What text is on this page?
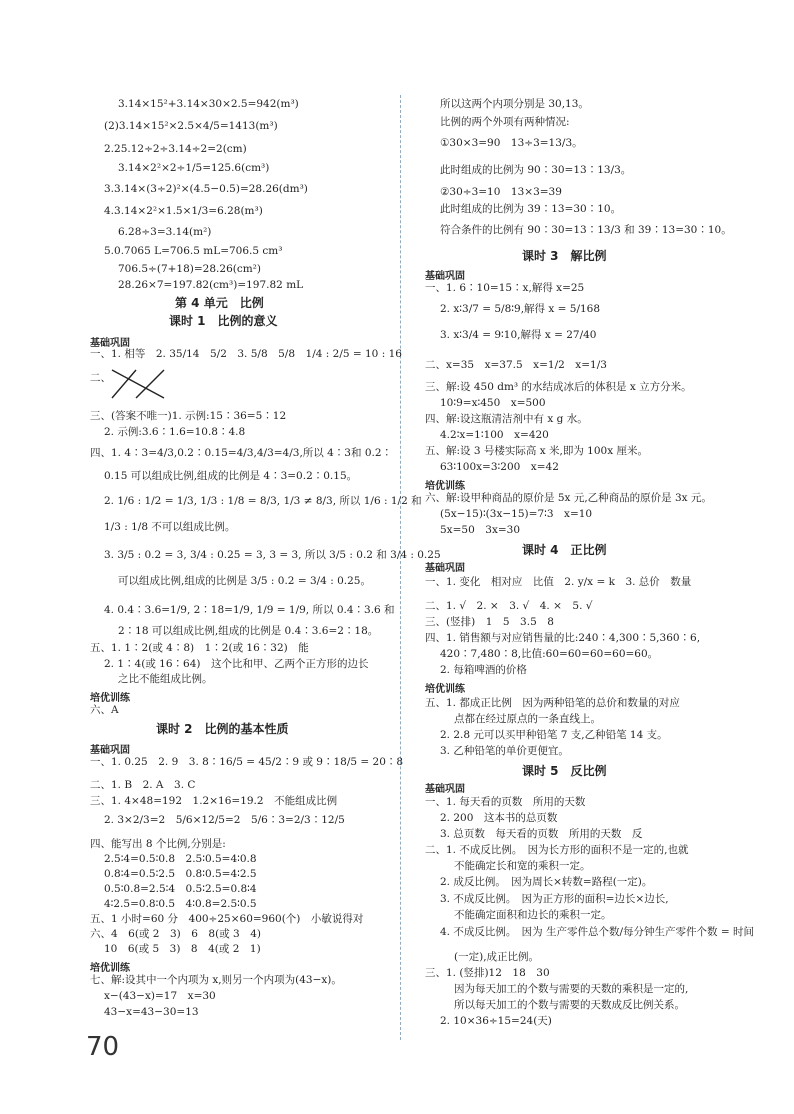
3.14×15²+3.14×30×2.5=942(m³)
(2)3.14×15²×2.5×4/5=1413(m³)
2.25.12÷2÷3.14÷2=2(cm)
3.14×2²×2÷1/5=125.6(cm³)
3.3.14×(3÷2)²×(4.5−0.5)=28.26(dm³)
4.3.14×2²×1.5×1/3=6.28(m³)
6.28÷3=3.14(m²)
5.0.7065 L=706.5 mL=706.5 cm³
706.5÷(7+18)=28.26(cm²)
28.26×7=197.82(cm³)=197.82 mL
第 4 单元　比例
课时 1　比例的意义
基础巩固
一、1. 相等　2. 35/14　5/2　3. 5/8　5/8　1/4 : 2/5 = 10 : 16
二、
三、(答案不唯一)1. 示例:15∶36=5∶12
2. 示例:3.6∶1.6=10.8∶4.8
四、1. 4∶3=4/3,0.2∶0.15=4/3,4/3=4/3,所以 4∶3和 0.2∶
0.15 可以组成比例,组成的比例是 4∶3=0.2∶0.15。
2. 1/6 : 1/2 = 1/3, 1/3 : 1/8 = 8/3, 1/3 ≠ 8/3, 所以 1/6 : 1/2 和
1/3 : 1/8 不可以组成比例。
3. 3/5 : 0.2 = 3, 3/4 : 0.25 = 3, 3 = 3, 所以 3/5 : 0.2 和 3/4 : 0.25
可以组成比例,组成的比例是 3/5 : 0.2 = 3/4 : 0.25。
4. 0.4∶3.6=1/9, 2∶18=1/9, 1/9 = 1/9, 所以 0.4∶3.6 和
2∶18 可以组成比例,组成的比例是 0.4∶3.6=2∶18。
五、1. 1∶2(或 4∶8)　1∶2(或 16∶32)　能
2. 1∶4(或 16∶64)　这个比和甲、乙两个正方形的边长
之比不能组成比例。
培优训练
六、A
课时 2　比例的基本性质
基础巩固
一、1. 0.25　2. 9　3. 8∶16/5 = 45/2∶9 或 9∶18/5 = 20∶8
二、1. B　2. A　3. C
三、1. 4×48=192　1.2×16=19.2　不能组成比例
2. 3×2/3=2　5/6×12/5=2　5/6∶3=2/3∶12/5
四、能写出 8 个比例,分别是:
2.5∶4=0.5∶0.8　2.5∶0.5=4∶0.8
0.8∶4=0.5∶2.5　0.8∶0.5=4∶2.5
0.5∶0.8=2.5∶4　0.5∶2.5=0.8∶4
4∶2.5=0.8∶0.5　4∶0.8=2.5∶0.5
五、1 小时=60 分　400÷25×60=960(个)　小敏说得对
六、4　6(或 2　3)　6　8(或 3　4)
10　6(或 5　3)　8　4(或 2　1)
培优训练
七、解:设其中一个内项为 x,则另一个内项为(43−x)。
x−(43−x)=17　x=30
43−x=43−30=13
所以这两个内项分别是 30,13。
比例的两个外项有两种情况:
①30×3=90　13÷3=13/3。
此时组成的比例为 90∶30=13∶13/3。
②30÷3=10　13×3=39
此时组成的比例为 39∶13=30∶10。
符合条件的比例有 90∶30=13∶13/3 和 39∶13=30∶10。
课时 3　解比例
基础巩固
一、1. 6∶10=15∶x,解得 x=25
2. x∶3/7 = 5/8∶9,解得 x = 5/168
3. x∶3/4 = 9∶10,解得 x = 27/40
二、x=35　x=37.5　x=1/2　x=1/3
三、解:设 450 dm³ 的水结成冰后的体积是 x 立方分米。
10∶9=x∶450　x=500
四、解:设这瓶清洁剂中有 x g 水。
4.2∶x=1∶100　x=420
五、解:设 3 号楼实际高 x 米,即为 100x 厘米。
63∶100x=3∶200　x=42
培优训练
六、解:设甲种商品的原价是 5x 元,乙种商品的原价是 3x 元。
(5x−15)∶(3x−15)=7∶3　x=10
5x=50　3x=30
课时 4　正比例
基础巩固
一、1. 变化　相对应　比值　2. y/x = k　3. 总价　数量
二、1. √　2. ×　3. √　4. ×　5. √
三、(竖排)　1　5　3.5　8
四、1. 销售额与对应销售量的比:240∶4,300∶5,360∶6,
420∶7,480∶8,比值:60=60=60=60=60。
2. 每箱啤酒的价格
培优训练
五、1. 都成正比例　因为两种铅笔的总价和数量的对应
点都在经过原点的一条直线上。
2. 2.8 元可以买甲种铅笔 7 支,乙种铅笔 14 支。
3. 乙种铅笔的单价更便宜。
课时 5　反比例
基础巩固
一、1. 每天看的页数　所用的天数
2. 200　这本书的总页数
3. 总页数　每天看的页数　所用的天数　反
二、1. 不成反比例。　因为长方形的面积不是一定的,也就
不能确定长和宽的乘积一定。
2. 成反比例。　因为周长×转数=路程(一定)。
3. 不成反比例。　因为正方形的面积=边长×边长,
不能确定面积和边长的乘积一定。
4. 不成反比例。　因为 生产零件总个数/每分钟生产零件个数 = 时间
(一定),成正比例。
三、1. (竖排)12　18　30
因为每天加工的个数与需要的天数的乘积是一定的,
所以每天加工的个数与需要的天数成反比例关系。
2. 10×36÷15=24(天)
70
